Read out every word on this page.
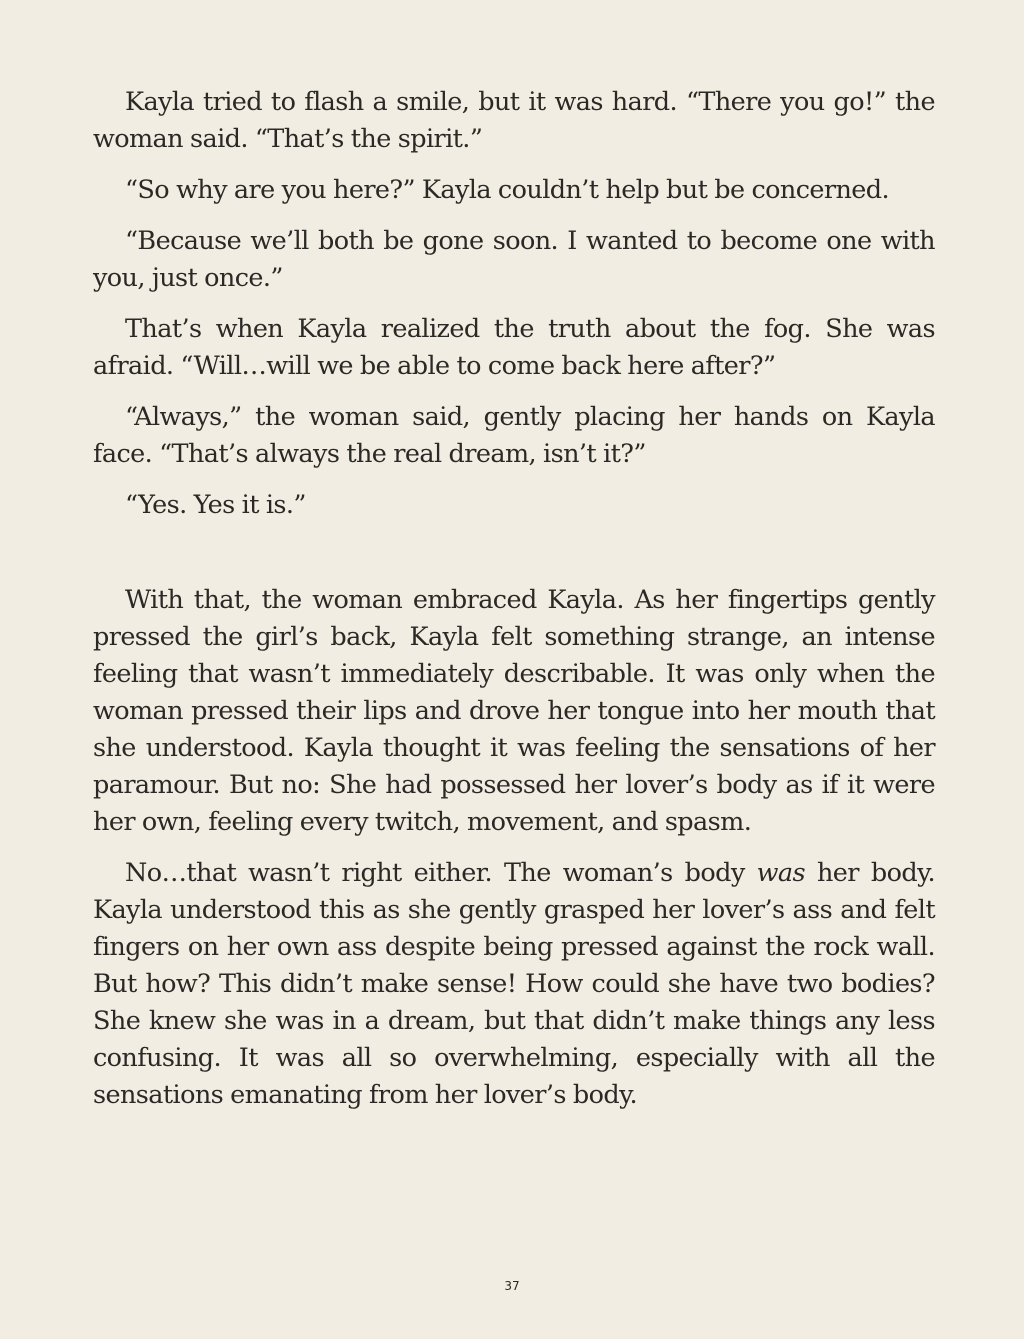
Kayla tried to flash a smile, but it was hard. “There you go!” the woman said. “That’s the spirit.”

“So why are you here?” Kayla couldn’t help but be concerned.

“Because we’ll both be gone soon. I wanted to become one with you, just once.”

That’s when Kayla realized the truth about the fog. She was afraid. “Will…will we be able to come back here after?”

“Always,” the woman said, gently placing her hands on Kayla face. “That’s always the real dream, isn’t it?”

“Yes. Yes it is.”

With that, the woman embraced Kayla. As her fingertips gently pressed the girl’s back, Kayla felt something strange, an intense feeling that wasn’t immediately describable. It was only when the woman pressed their lips and drove her tongue into her mouth that she understood. Kayla thought it was feeling the sensations of her paramour. But no: She had possessed her lover’s body as if it were her own, feeling every twitch, movement, and spasm.

No…that wasn’t right either. The woman’s body was her body. Kayla understood this as she gently grasped her lover’s ass and felt fingers on her own ass despite being pressed against the rock wall. But how? This didn’t make sense! How could she have two bodies? She knew she was in a dream, but that didn’t make things any less confusing. It was all so overwhelming, especially with all the sensations emanating from her lover’s body.

37
